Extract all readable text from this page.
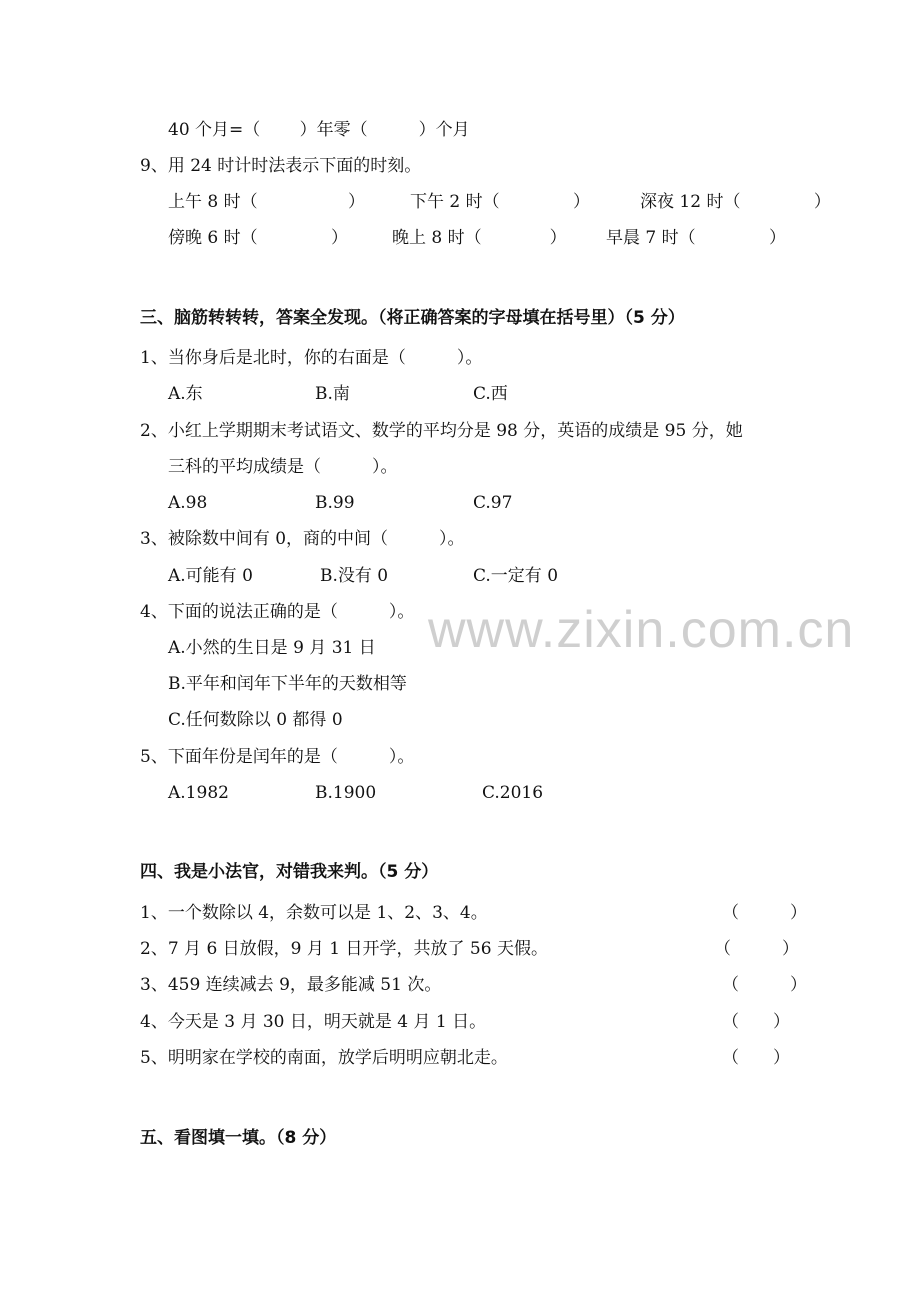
www.zixin.com.cn
40 个月=（　　 ）年零（　　　）个月
9、用 24 时计时法表示下面的时刻。
上午 8 时（　　　　　 ）	下午 2 时（　　　　 ）	深夜 12 时（　　　　 ）
傍晚 6 时（　　　　 ）	晚上 8 时（　　　　） 早晨 7 时（　　　　 ）
三、脑筋转转转，答案全发现。（将正确答案的字母填在括号里）（5 分）
1、当你身后是北时，你的右面是（　　　）。
A.东	B.南	C.西
2、小红上学期期末考试语文、数学的平均分是 98 分，英语的成绩是 95 分，她
三科的平均成绩是（　　　）。
A.98	B.99	C.97
3、被除数中间有 0，商的中间（　　　）。
A.可能有 0	B.没有 0	C.一定有 0
4、下面的说法正确的是（　　　）。
A.小然的生日是 9 月 31 日
B.平年和闰年下半年的天数相等
C.任何数除以 0 都得 0
5、下面年份是闰年的是（　　　）。
A.1982	B.1900	C.2016
四、我是小法官，对错我来判。（5 分）
1、一个数除以 4，余数可以是 1、2、3、4。	（　　　）
2、7 月 6 日放假，9 月 1 日开学，共放了 56 天假。	（　　　）
3、459 连续减去 9，最多能减 51 次。	（　　　）
4、今天是 3 月 30 日，明天就是 4 月 1 日。	（　　）
5、明明家在学校的南面，放学后明明应朝北走。	（　　）
五、看图填一填。（8 分）
